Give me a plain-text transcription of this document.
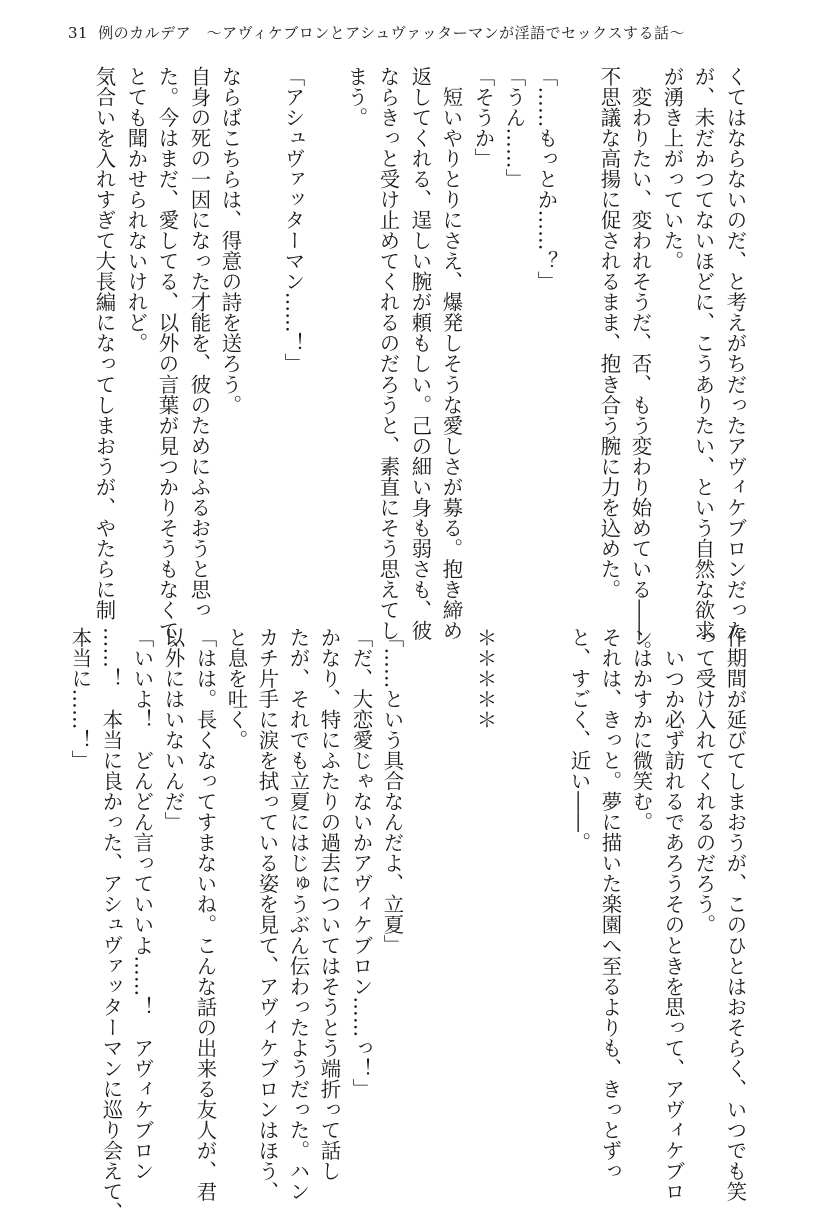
31 例のカルデア　〜アヴィケブロンとアシュヴァッターマンが淫語でセックスする話〜
くてはならないのだ、と考えがちだったアヴィケブロンだった
が、未だかつてないほどに、こうありたい、という自然な欲求
が湧き上がっていた。
　変わりたい、変われそうだ、否、もう変わり始めている――。
不思議な高揚に促されるまま、抱き合う腕に力を込めた。
「……もっとか……？」
「うん……」
「そうか」
　短いやりとりにさえ、爆発しそうな愛しさが募る。抱き締め
返してくれる、逞しい腕が頼もしい。己の細い身も弱さも、彼
ならきっと受け止めてくれるのだろうと、素直にそう思えてし
まう。
「アシュヴァッターマン……！」
ならばこちらは、得意の詩を送ろう。
自身の死の一因になった才能を、彼のためにふるおうと思っ
た。今はまだ、愛してる、以外の言葉が見つかりそうもなくて、
とても聞かせられないけれど。
気合いを入れすぎて大長編になってしまおうが、やたらに制
作期間が延びてしまおうが、このひとはおそらく、いつでも笑
って受け入れてくれるのだろう。
　いつか必ず訪れるであろうそのときを思って、アヴィケブロ
ンはかすかに微笑む。
それは、きっと。夢に描いた楽園へ至るよりも、きっとずっ
と、すごく、近い――。
＊＊＊＊＊
「……という具合なんだよ、立夏」
「だ、大恋愛じゃないかアヴィケブロン……っ！」
かなり、特にふたりの過去についてはそうとう端折って話し
たが、それでも立夏にはじゅうぶん伝わったようだった。ハン
カチ片手に涙を拭っている姿を見て、アヴィケブロンはほう、
と息を吐く。
「はは。長くなってすまないね。こんな話の出来る友人が、君
以外にはいないんだ」
「いいよ！　どんどん言っていいよ……！　アヴィケブロン
……！　本当に良かった、アシュヴァッターマンに巡り会えて、
本当に……！」
